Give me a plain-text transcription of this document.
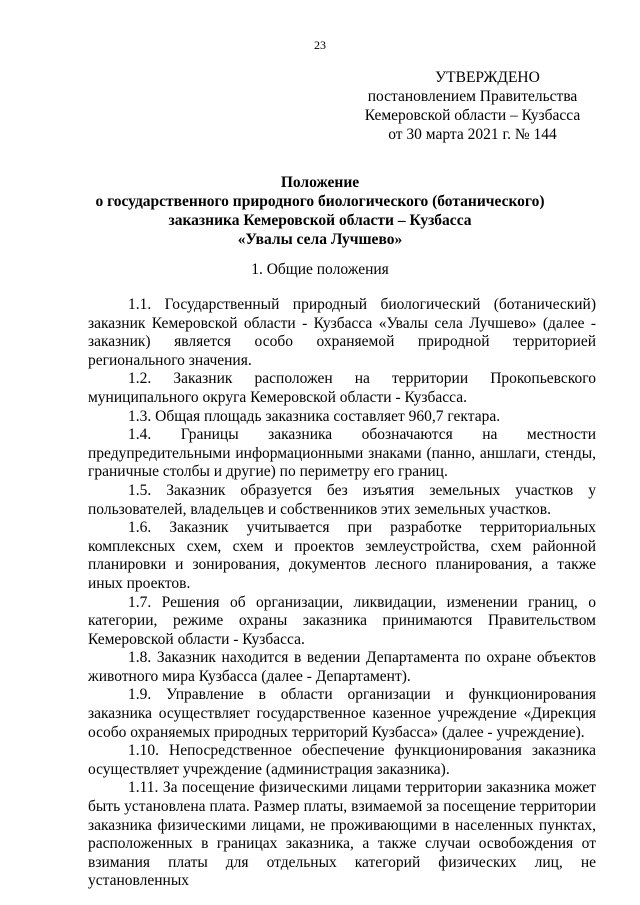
23
УТВЕРЖДЕНО
постановлением Правительства
Кемеровской области – Кузбасса
от 30 марта 2021 г. № 144
Положение
о государственного природного биологического (ботанического)
заказника Кемеровской области – Кузбасса
«Увалы села Лучшево»
1. Общие положения

1.1. Государственный природный биологический (ботанический) заказник Кемеровской области - Кузбасса «Увалы села Лучшево» (далее - заказник) является особо охраняемой природной территорией регионального значения.

1.2. Заказник расположен на территории Прокопьевского муниципального округа Кемеровской области - Кузбасса.

1.3. Общая площадь заказника составляет 960,7 гектара.

1.4. Границы заказника обозначаются на местности предупредительными информационными знаками (панно, аншлаги, стенды, граничные столбы и другие) по периметру его границ.

1.5. Заказник образуется без изъятия земельных участков у пользователей, владельцев и собственников этих земельных участков.

1.6. Заказник учитывается при разработке территориальных комплексных схем, схем и проектов землеустройства, схем районной планировки и зонирования, документов лесного планирования, а также иных проектов.

1.7. Решения об организации, ликвидации, изменении границ, о категории, режиме охраны заказника принимаются Правительством Кемеровской области - Кузбасса.

1.8. Заказник находится в ведении Департамента по охране объектов животного мира Кузбасса (далее - Департамент).

1.9. Управление в области организации и функционирования заказника осуществляет государственное казенное учреждение «Дирекция особо охраняемых природных территорий Кузбасса» (далее - учреждение).

1.10. Непосредственное обеспечение функционирования заказника осуществляет учреждение (администрация заказника).

1.11. За посещение физическими лицами территории заказника может быть установлена плата. Размер платы, взимаемой за посещение территории заказника физическими лицами, не проживающими в населенных пунктах, расположенных в границах заказника, а также случаи освобождения от взимания платы для отдельных категорий физических лиц, не установленных
